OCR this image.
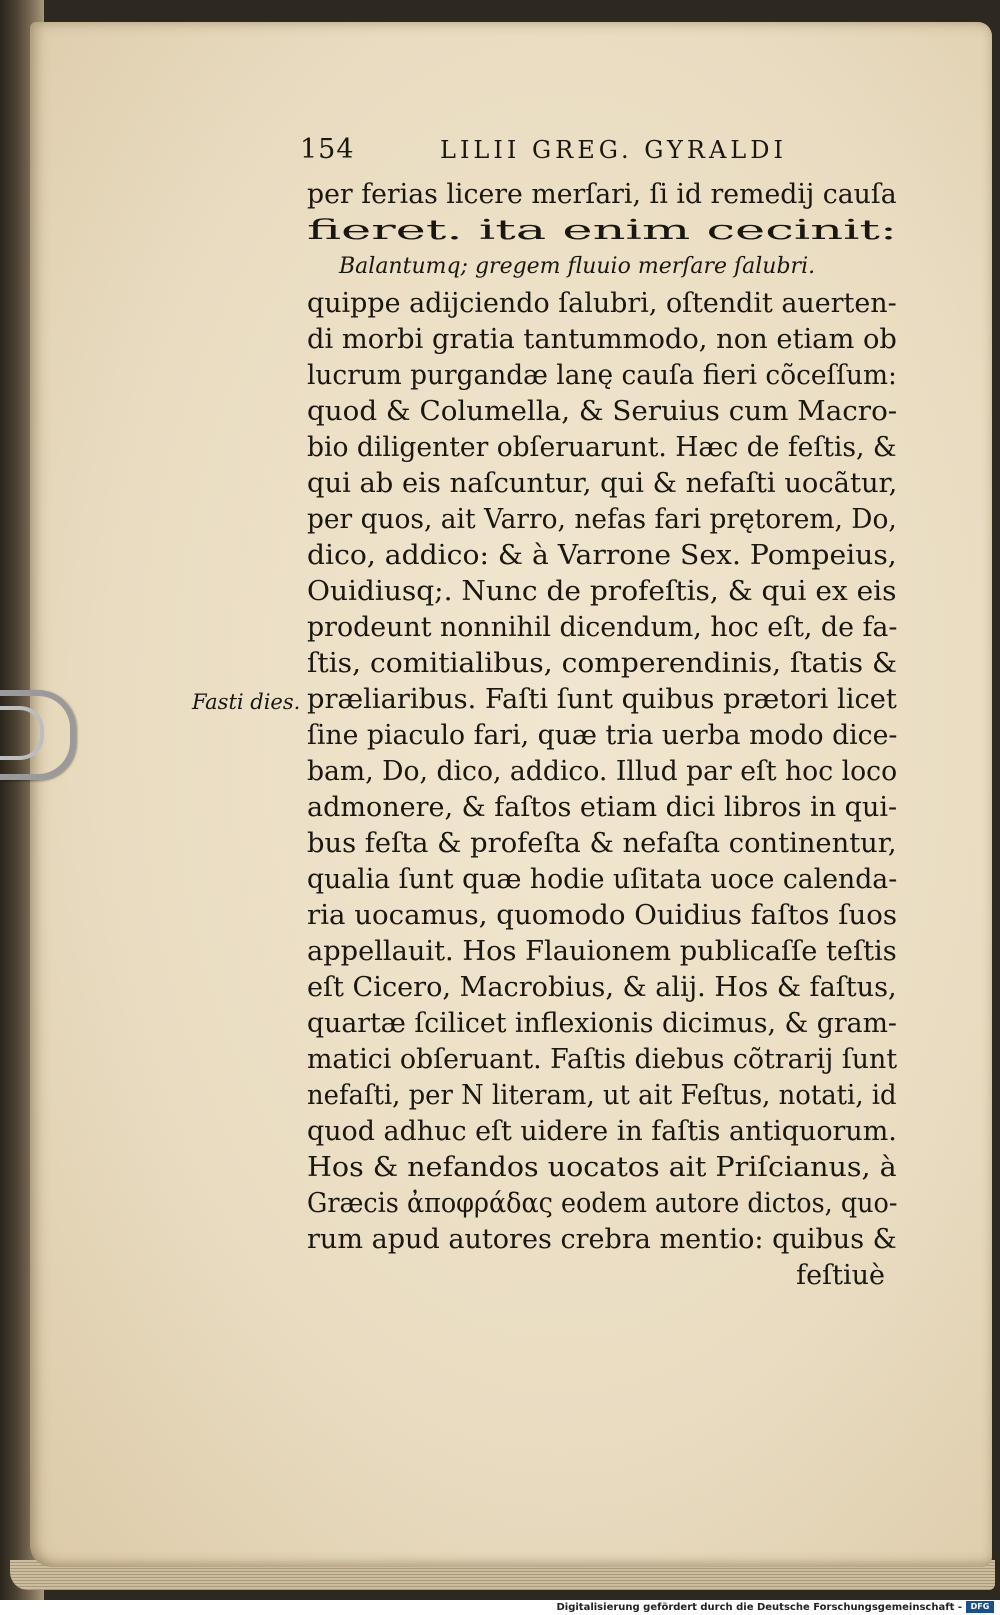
154	LILII GREG. GYRALDI
Fasti dies.
per ferias licere merſari, ſi id remedij cauſa
fieret. ita enim cecinit:
Balantumq; gregem fluuio merſare ſalubri.
quippe adijciendo ſalubri, oſtendit auerten-
di morbi gratia tantummodo, non etiam ob
lucrum purgandæ lanę cauſa fieri cõceſſum:
quod & Columella, & Seruius cum Macro-
bio diligenter obſeruarunt. Hæc de feſtis, &
qui ab eis naſcuntur, qui & nefaſti uocãtur,
per quos, ait Varro, nefas fari prętorem, Do,
dico, addico: & à Varrone Sex. Pompeius,
Ouidiusq;. Nunc de profeſtis, & qui ex eis
prodeunt nonnihil dicendum, hoc eſt, de fa-
ſtis, comitialibus, comperendinis, ſtatis &
præliaribus. Faſti ſunt quibus prætori licet
ſine piaculo fari, quæ tria uerba modo dice-
bam, Do, dico, addico. Illud par eſt hoc loco
admonere, & faſtos etiam dici libros in qui-
bus feſta & profeſta & nefaſta continentur,
qualia ſunt quæ hodie uſitata uoce calenda-
ria uocamus, quomodo Ouidius faſtos ſuos
appellauit. Hos Flauionem publicaſſe teſtis
eſt Cicero, Macrobius, & alij. Hos & faſtus,
quartæ ſcilicet inflexionis dicimus, & gram-
matici obſeruant. Faſtis diebus cõtrarij ſunt
nefaſti, per N literam, ut ait Feſtus, notati, id
quod adhuc eſt uidere in faſtis antiquorum.
Hos & nefandos uocatos ait Priſcianus, à
Græcis ἀποφράδας eodem autore dictos, quo-
rum apud autores crebra mentio: quibus &
feſtiuè
Digitalisierung gefördert durch die Deutsche Forschungsgemeinschaft -	DFG
